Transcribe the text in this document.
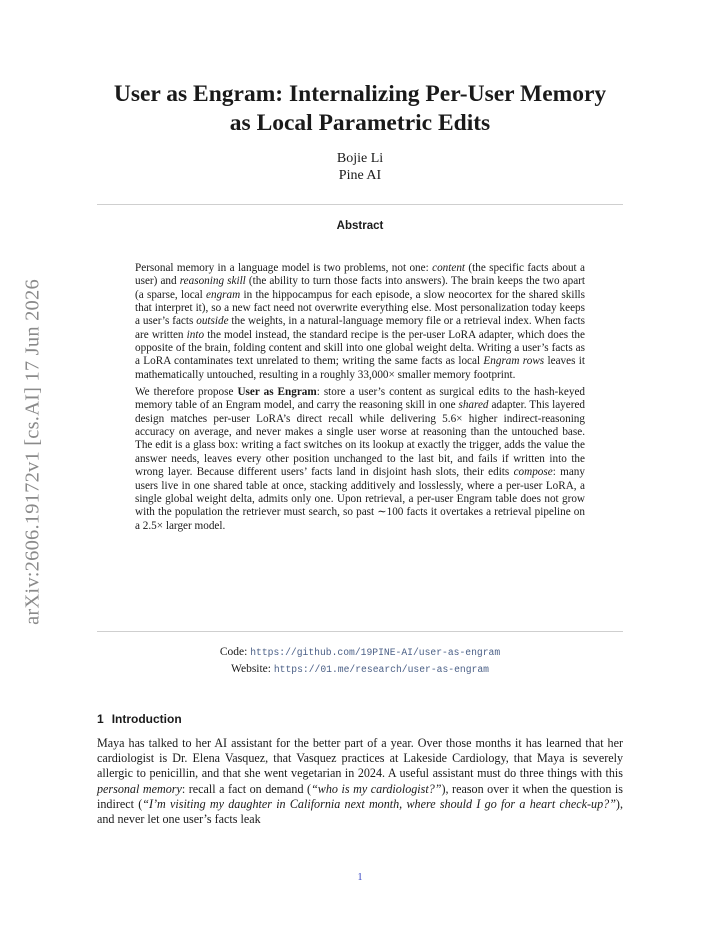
arXiv:2606.19172v1 [cs.AI] 17 Jun 2026
User as Engram: Internalizing Per-User Memory
as Local Parametric Edits
Bojie Li
Pine AI
Abstract

Personal memory in a language model is two problems, not one: content (the specific facts about a user) and reasoning skill (the ability to turn those facts into answers). The brain keeps the two apart (a sparse, local engram in the hippocampus for each episode, a slow neocortex for the shared skills that interpret it), so a new fact need not overwrite everything else. Most personalization today keeps a user’s facts outside the weights, in a natural-language memory file or a retrieval index. When facts are written into the model instead, the standard recipe is the per-user LoRA adapter, which does the opposite of the brain, folding content and skill into one global weight delta. Writing a user’s facts as a LoRA contaminates text unrelated to them; writing the same facts as local Engram rows leaves it mathematically untouched, resulting in a roughly 33,000× smaller memory footprint.

We therefore propose User as Engram: store a user’s content as surgical edits to the hash-keyed memory table of an Engram model, and carry the reasoning skill in one shared adapter. This layered design matches per-user LoRA’s direct recall while delivering 5.6× higher indirect-reasoning accuracy on average, and never makes a single user worse at reasoning than the untouched base. The edit is a glass box: writing a fact switches on its lookup at exactly the trigger, adds the value the answer needs, leaves every other position unchanged to the last bit, and fails if written into the wrong layer. Because different users’ facts land in disjoint hash slots, their edits compose: many users live in one shared table at once, stacking additively and losslessly, where a per-user LoRA, a single global weight delta, admits only one. Upon retrieval, a per-user Engram table does not grow with the population the retriever must search, so past ∼100 facts it overtakes a retrieval pipeline on a 2.5× larger model.

Code: https://github.com/19PINE-AI/user-as-engram
Website: https://01.me/research/user-as-engram
1 Introduction

Maya has talked to her AI assistant for the better part of a year. Over those months it has learned that her cardiologist is Dr. Elena Vasquez, that Vasquez practices at Lakeside Cardiology, that Maya is severely allergic to penicillin, and that she went vegetarian in 2024. A useful assistant must do three things with this personal memory: recall a fact on demand (“who is my cardiologist?”), reason over it when the question is indirect (“I’m visiting my daughter in California next month, where should I go for a heart check-up?”), and never let one user’s facts leak

1
